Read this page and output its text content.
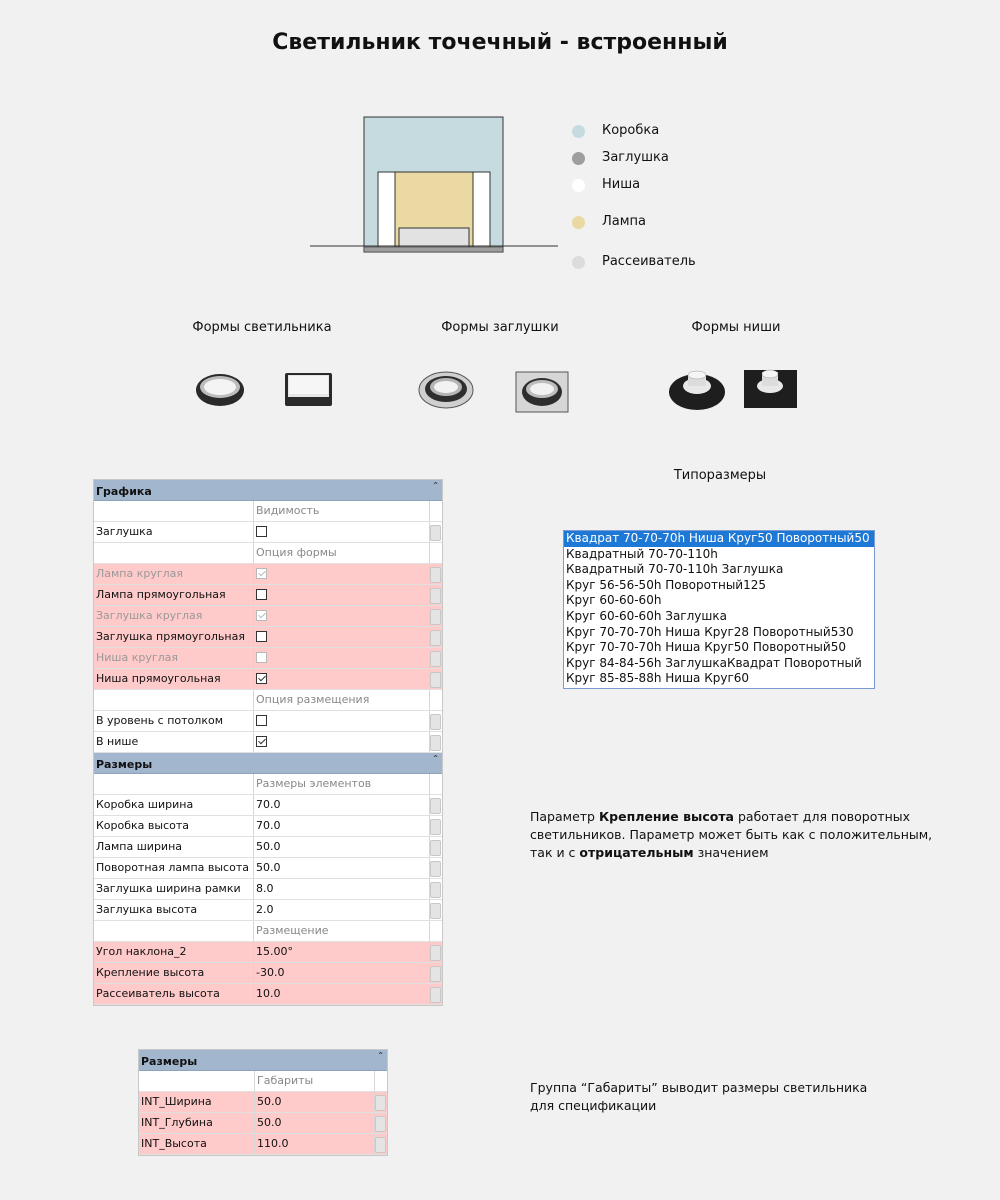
Светильник точечный - встроенный
Коробка
Заглушка
Ниша
Лампа
Рассеиватель
Формы светильника	Формы заглушки	Формы ниши
Графика	⌃
Видимость
Заглушка
Опция формы
Лампа круглая
Лампа прямоугольная
Заглушка круглая
Заглушка прямоугольная
Ниша круглая
Ниша прямоугольная
Опция размещения
В уровень с потолком
В нише
Размеры	⌃
Размеры элементов
Коробка ширина	70.0
Коробка высота	70.0
Лампа ширина	50.0
Поворотная лампа высота 50.0
Заглушка ширина рамки	8.0
Заглушка высота	2.0
Размещение
Угол наклона_2	15.00°
Крепление высота	-30.0
Рассеиватель высота	10.0
Типоразмеры
Квадрат 70-70-70h Ниша Круг50 Поворотный50
Квадратный 70-70-110h
Квадратный 70-70-110h Заглушка
Круг 56-56-50h Поворотный125
Круг 60-60-60h
Круг 60-60-60h Заглушка
Круг 70-70-70h Ниша Круг28 Поворотный530
Круг 70-70-70h Ниша Круг50 Поворотный50
Круг 84-84-56h ЗаглушкаКвадрат Поворотный
Круг 85-85-88h Ниша Круг60
Параметр Крепление высота работает для поворотных светильников. Параметр может быть как с положительным, так и с отрицательным значением
Размеры	⌃
Габариты
INT_Ширина	50.0
INT_Глубина	50.0
INT_Высота	110.0
Группа “Габариты” выводит размеры светильника для спецификации
